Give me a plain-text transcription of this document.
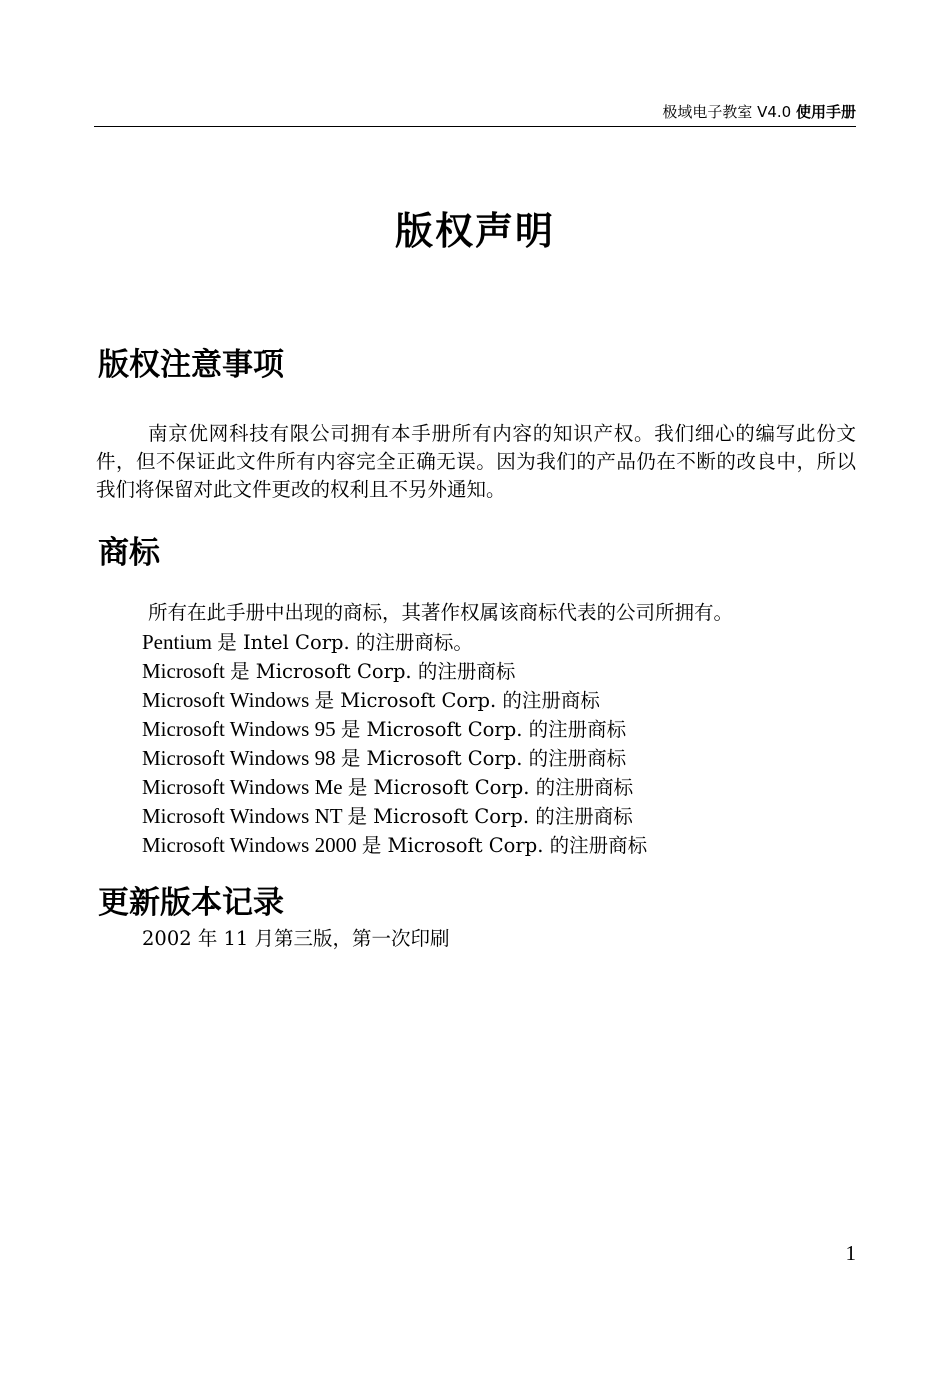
极域电子教室 V4.0 使用手册
版权声明
版权注意事项

南京优网科技有限公司拥有本手册所有内容的知识产权。我们细心的编写此份文件，但不保证此文件所有内容完全正确无误。因为我们的产品仍在不断的改良中，所以我们将保留对此文件更改的权利且不另外通知。

商标

所有在此手册中出现的商标，其著作权属该商标代表的公司所拥有。

Pentium 是 Intel Corp. 的注册商标。
Microsoft 是 Microsoft Corp. 的注册商标
Microsoft Windows 是 Microsoft Corp. 的注册商标
Microsoft Windows 95 是 Microsoft Corp. 的注册商标
Microsoft Windows 98 是 Microsoft Corp. 的注册商标
Microsoft Windows Me 是 Microsoft Corp. 的注册商标
Microsoft Windows NT 是 Microsoft Corp. 的注册商标
Microsoft Windows 2000 是 Microsoft Corp. 的注册商标
更新版本记录

2002 年 11 月第三版，第一次印刷

1
